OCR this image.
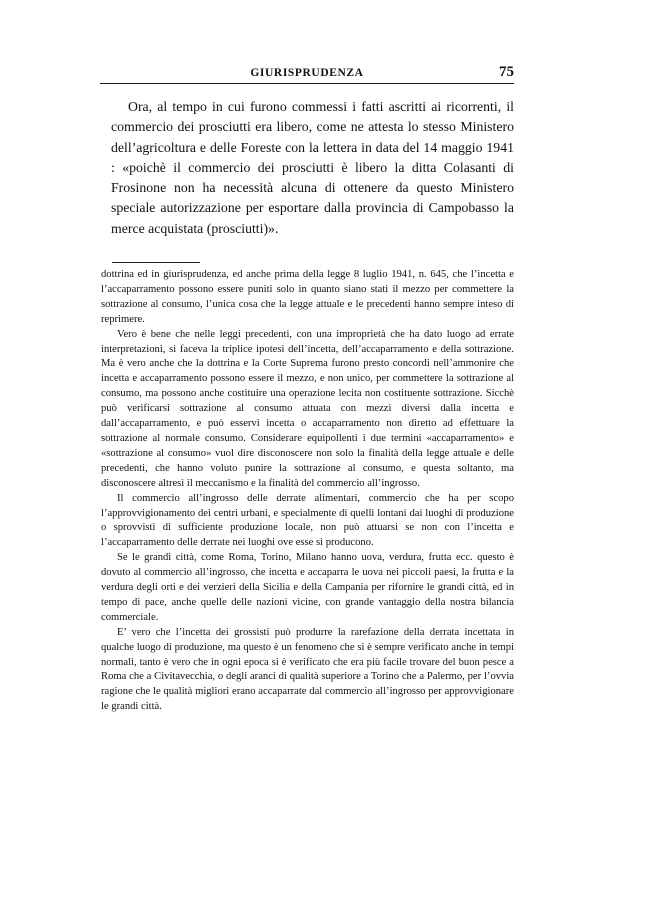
GIURISPRUDENZA	75

Ora, al tempo in cui furono commessi i fatti ascritti ai ricorrenti, il commercio dei prosciutti era libero, come ne attesta lo stesso Ministero dell’agricoltura e delle Foreste con la lettera in data del 14 maggio 1941 : «poichè il commercio dei prosciutti è libero la ditta Colasanti di Frosinone non ha necessità alcuna di ottenere da questo Ministero speciale autorizzazione per esportare dalla provincia di Campobasso la merce acquistata (prosciutti)».

dottrina ed in giurisprudenza, ed anche prima della legge 8 luglio 1941, n. 645, che l’incetta e l’accaparramento possono essere puniti solo in quanto siano stati il mezzo per commettere la sottrazione al consumo, l’unica cosa che la legge attuale e le precedenti hanno sempre inteso di reprimere.

Vero è bene che nelle leggi precedenti, con una improprietà che ha dato luogo ad errate interpretazioni, si faceva la triplice ipotesi dell’incetta, dell’accaparramento e della sottrazione. Ma è vero anche che la dottrina e la Corte Suprema furono presto concordi nell’ammonire che incetta e accaparramento possono essere il mezzo, e non unico, per commettere la sottrazione al consumo, ma possono anche costituire una operazione lecita non costituente sottrazione. Sicchè può verificarsi sottrazione al consumo attuata con mezzi diversi dalla incetta e dall’accaparramento, e può esservi incetta o accaparramento non diretto ad effettuare la sottrazione al normale consumo. Considerare equipollenti i due termini «accaparramento» e «sottrazione al consumo» vuol dire disconoscere non solo la finalità della legge attuale e delle precedenti, che hanno voluto punire la sottrazione al consumo, e questa soltanto, ma disconoscere altresì il meccanismo e la finalità del commercio all’ingrosso.

Il commercio all’ingrosso delle derrate alimentari, commercio che ha per scopo l’approvvigionamento dei centri urbani, e specialmente di quelli lontani dai luoghi di produzione o sprovvisti di sufficiente produzione locale, non può attuarsi se non con l’incetta e l’accaparramento delle derrate nei luoghi ove esse si producono.

Se le grandi città, come Roma, Torino, Milano hanno uova, verdura, frutta ecc. questo è dovuto al commercio all’ingrosso, che incetta e accaparra le uova nei piccoli paesi, la frutta e la verdura degli orti e dei verzieri della Sicilia e della Campania per rifornire le grandi città, ed in tempo di pace, anche quelle delle nazioni vicine, con grande vantaggio della nostra bilancia commerciale.

E’ vero che l’incetta dei grossisti può produrre la rarefazione della derrata incettata in qualche luogo di produzione, ma questo è un fenomeno che si è sempre verificato anche in tempi normali, tanto è vero che in ogni epoca si è verificato che era più facile trovare del buon pesce a Roma che a Civitavecchia, o degli aranci di qualità superiore a Torino che a Palermo, per l’ovvia ragione che le qualità migliori erano accaparrate dal commercio all’ingrosso per approvvigionare le grandi città.
